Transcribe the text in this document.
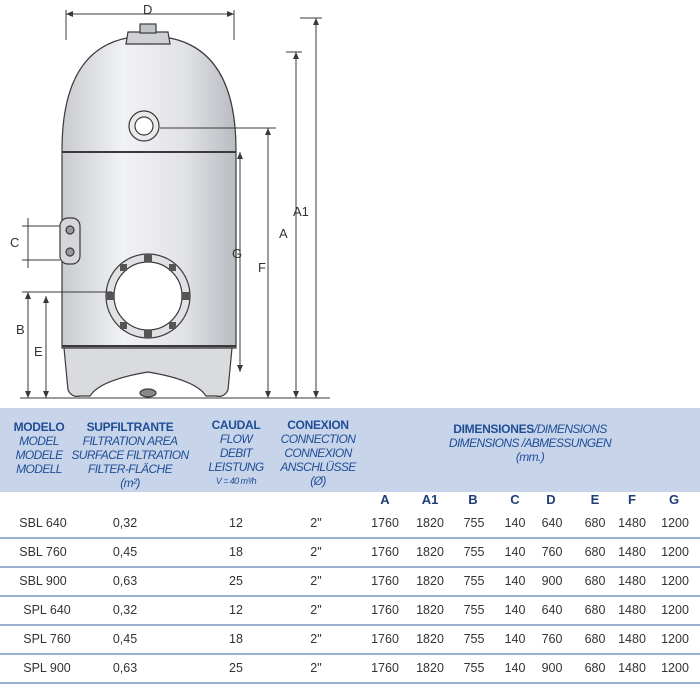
D
A1
A
F
G
C
B
E
MODELO
MODEL
MODELE
MODELL
SUPFILTRANTE
FILTRATION AREA
SURFACE FILTRATION
FILTER-FLÄCHE
(m²)
CAUDAL
FLOW
DEBIT
LEISTUNG
V = 40 m³/h
CONEXION
CONNECTION
CONNEXION
ANSCHLÜSSE
(Ø)
DIMENSIONES/DIMENSIONS
DIMENSIONS /ABMESSUNGEN
(mm.)
A	A1	B	C	D	E	F	G
SBL 640	0,32	12	2"	1760	1820	755	140	640	680	1480	1200
SBL 760	0,45	18	2"	1760	1820	755	140	760	680	1480	1200
SBL 900	0,63	25	2"	1760	1820	755	140	900	680	1480	1200
SPL 640	0,32	12	2"	1760	1820	755	140	640	680	1480	1200
SPL 760	0,45	18	2"	1760	1820	755	140	760	680	1480	1200
SPL 900	0,63	25	2"	1760	1820	755	140	900	680	1480	1200
